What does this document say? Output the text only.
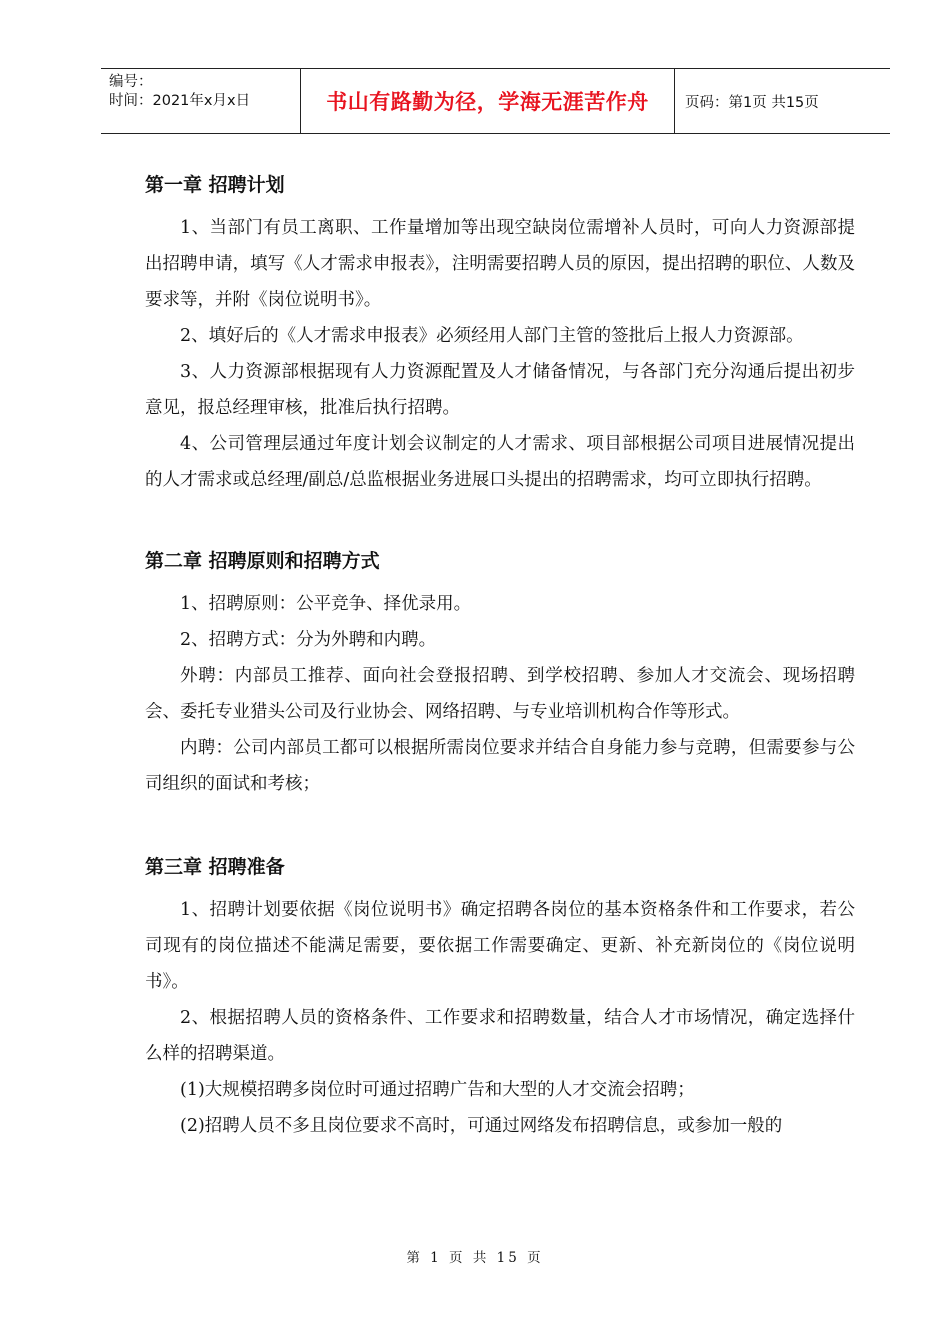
编号：
时间：2021年x月x日	书山有路勤为径，学海无涯苦作舟	页码：第1页 共15页
第一章 招聘计划

1、当部门有员工离职、工作量增加等出现空缺岗位需增补人员时，可向人力资源部提出招聘申请，填写《人才需求申报表》，注明需要招聘人员的原因，提出招聘的职位、人数及要求等，并附《岗位说明书》。

2、填好后的《人才需求申报表》必须经用人部门主管的签批后上报人力资源部。

3、人力资源部根据现有人力资源配置及人才储备情况，与各部门充分沟通后提出初步意见，报总经理审核，批准后执行招聘。

4、公司管理层通过年度计划会议制定的人才需求、项目部根据公司项目进展情况提出的人才需求或总经理/副总/总监根据业务进展口头提出的招聘需求，均可立即执行招聘。

第二章 招聘原则和招聘方式

1、招聘原则：公平竞争、择优录用。

2、招聘方式：分为外聘和内聘。

外聘：内部员工推荐、面向社会登报招聘、到学校招聘、参加人才交流会、现场招聘会、委托专业猎头公司及行业协会、网络招聘、与专业培训机构合作等形式。

内聘：公司内部员工都可以根据所需岗位要求并结合自身能力参与竞聘，但需要参与公司组织的面试和考核；

第三章 招聘准备

1、招聘计划要依据《岗位说明书》确定招聘各岗位的基本资格条件和工作要求，若公司现有的岗位描述不能满足需要，要依据工作需要确定、更新、补充新岗位的《岗位说明书》。

2、根据招聘人员的资格条件、工作要求和招聘数量，结合人才市场情况，确定选择什么样的招聘渠道。

(1)大规模招聘多岗位时可通过招聘广告和大型的人才交流会招聘；

(2)招聘人员不多且岗位要求不高时，可通过网络发布招聘信息，或参加一般的

第 1 页 共 15 页
